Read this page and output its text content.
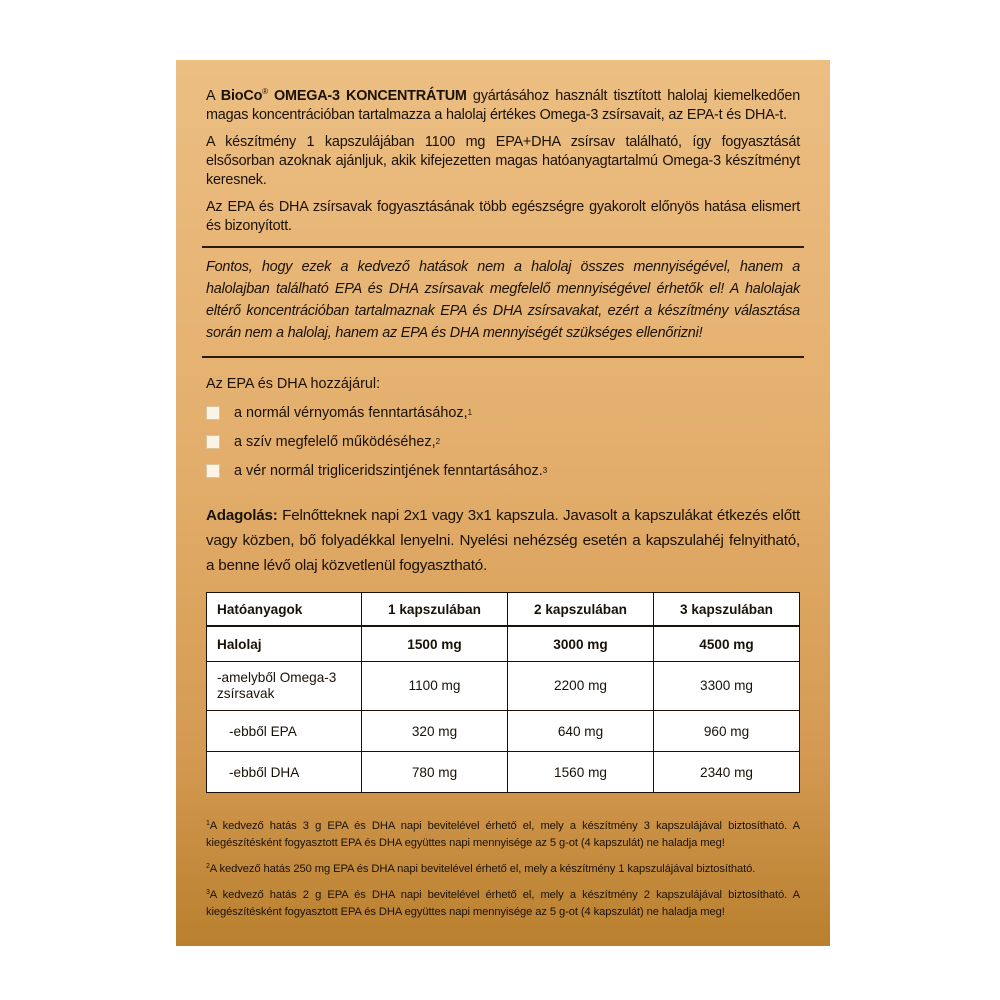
A BioCo® OMEGA-3 KONCENTRÁTUM gyártásához használt tisztított halolaj kiemelkedően magas koncentrációban tartalmazza a halolaj értékes Omega-3 zsírsavait, az EPA-t és DHA-t.

A készítmény 1 kapszulájában 1100 mg EPA+DHA zsírsav található, így fogyasztását elsősorban azoknak ajánljuk, akik kifejezetten magas hatóanyagtartalmú Omega-3 készítményt keresnek.

Az EPA és DHA zsírsavak fogyasztásának több egészségre gyakorolt előnyös hatása elismert és bizonyított.

Fontos, hogy ezek a kedvező hatások nem a halolaj összes mennyiségével, hanem a halolajban található EPA és DHA zsírsavak megfelelő mennyiségével érhetők el! A halolajak eltérő koncentrációban tartalmaznak EPA és DHA zsírsavakat, ezért a készítmény választása során nem a halolaj, hanem az EPA és DHA mennyiségét szükséges ellenőrizni!
Az EPA és DHA hozzájárul:
a normál vérnyomás fenntartásához, 1
a szív megfelelő működéséhez, 2
a vér normál trigliceridszintjének fenntartásához. 3

Adagolás: Felnőtteknek napi 2x1 vagy 3x1 kapszula. Javasolt a kapszulákat étkezés előtt vagy közben, bő folyadékkal lenyelni. Nyelési nehézség esetén a kapszulahéj felnyitható, a benne lévő olaj közvetlenül fogyasztható.

Hatóanyagok	1 kapszulában	2 kapszulában	3 kapszulában
Halolaj	1500 mg	3000 mg	4500 mg
-amelyből Omega-3 zsírsavak	1100 mg	2200 mg	3300 mg
-ebből EPA	320 mg	640 mg	960 mg
-ebből DHA	780 mg	1560 mg	2340 mg

$^1$A kedvező hatás 3 g EPA és DHA napi bevitelével érhető el, mely a készítmény 3 kapszulájával biztosítható. A kiegészítésként fogyasztott EPA és DHA együttes napi mennyisége az 5 g-ot (4 kapszulát) ne haladja meg!

$^2$A kedvező hatás 250 mg EPA és DHA napi bevitelével érhető el, mely a készítmény 1 kapszulájával biztosítható.

$^3$A kedvező hatás 2 g EPA és DHA napi bevitelével érhető el, mely a készítmény 2 kapszulájával biztosítható. A kiegészítésként fogyasztott EPA és DHA együttes napi mennyisége az 5 g-ot (4 kapszulát) ne haladja meg!
